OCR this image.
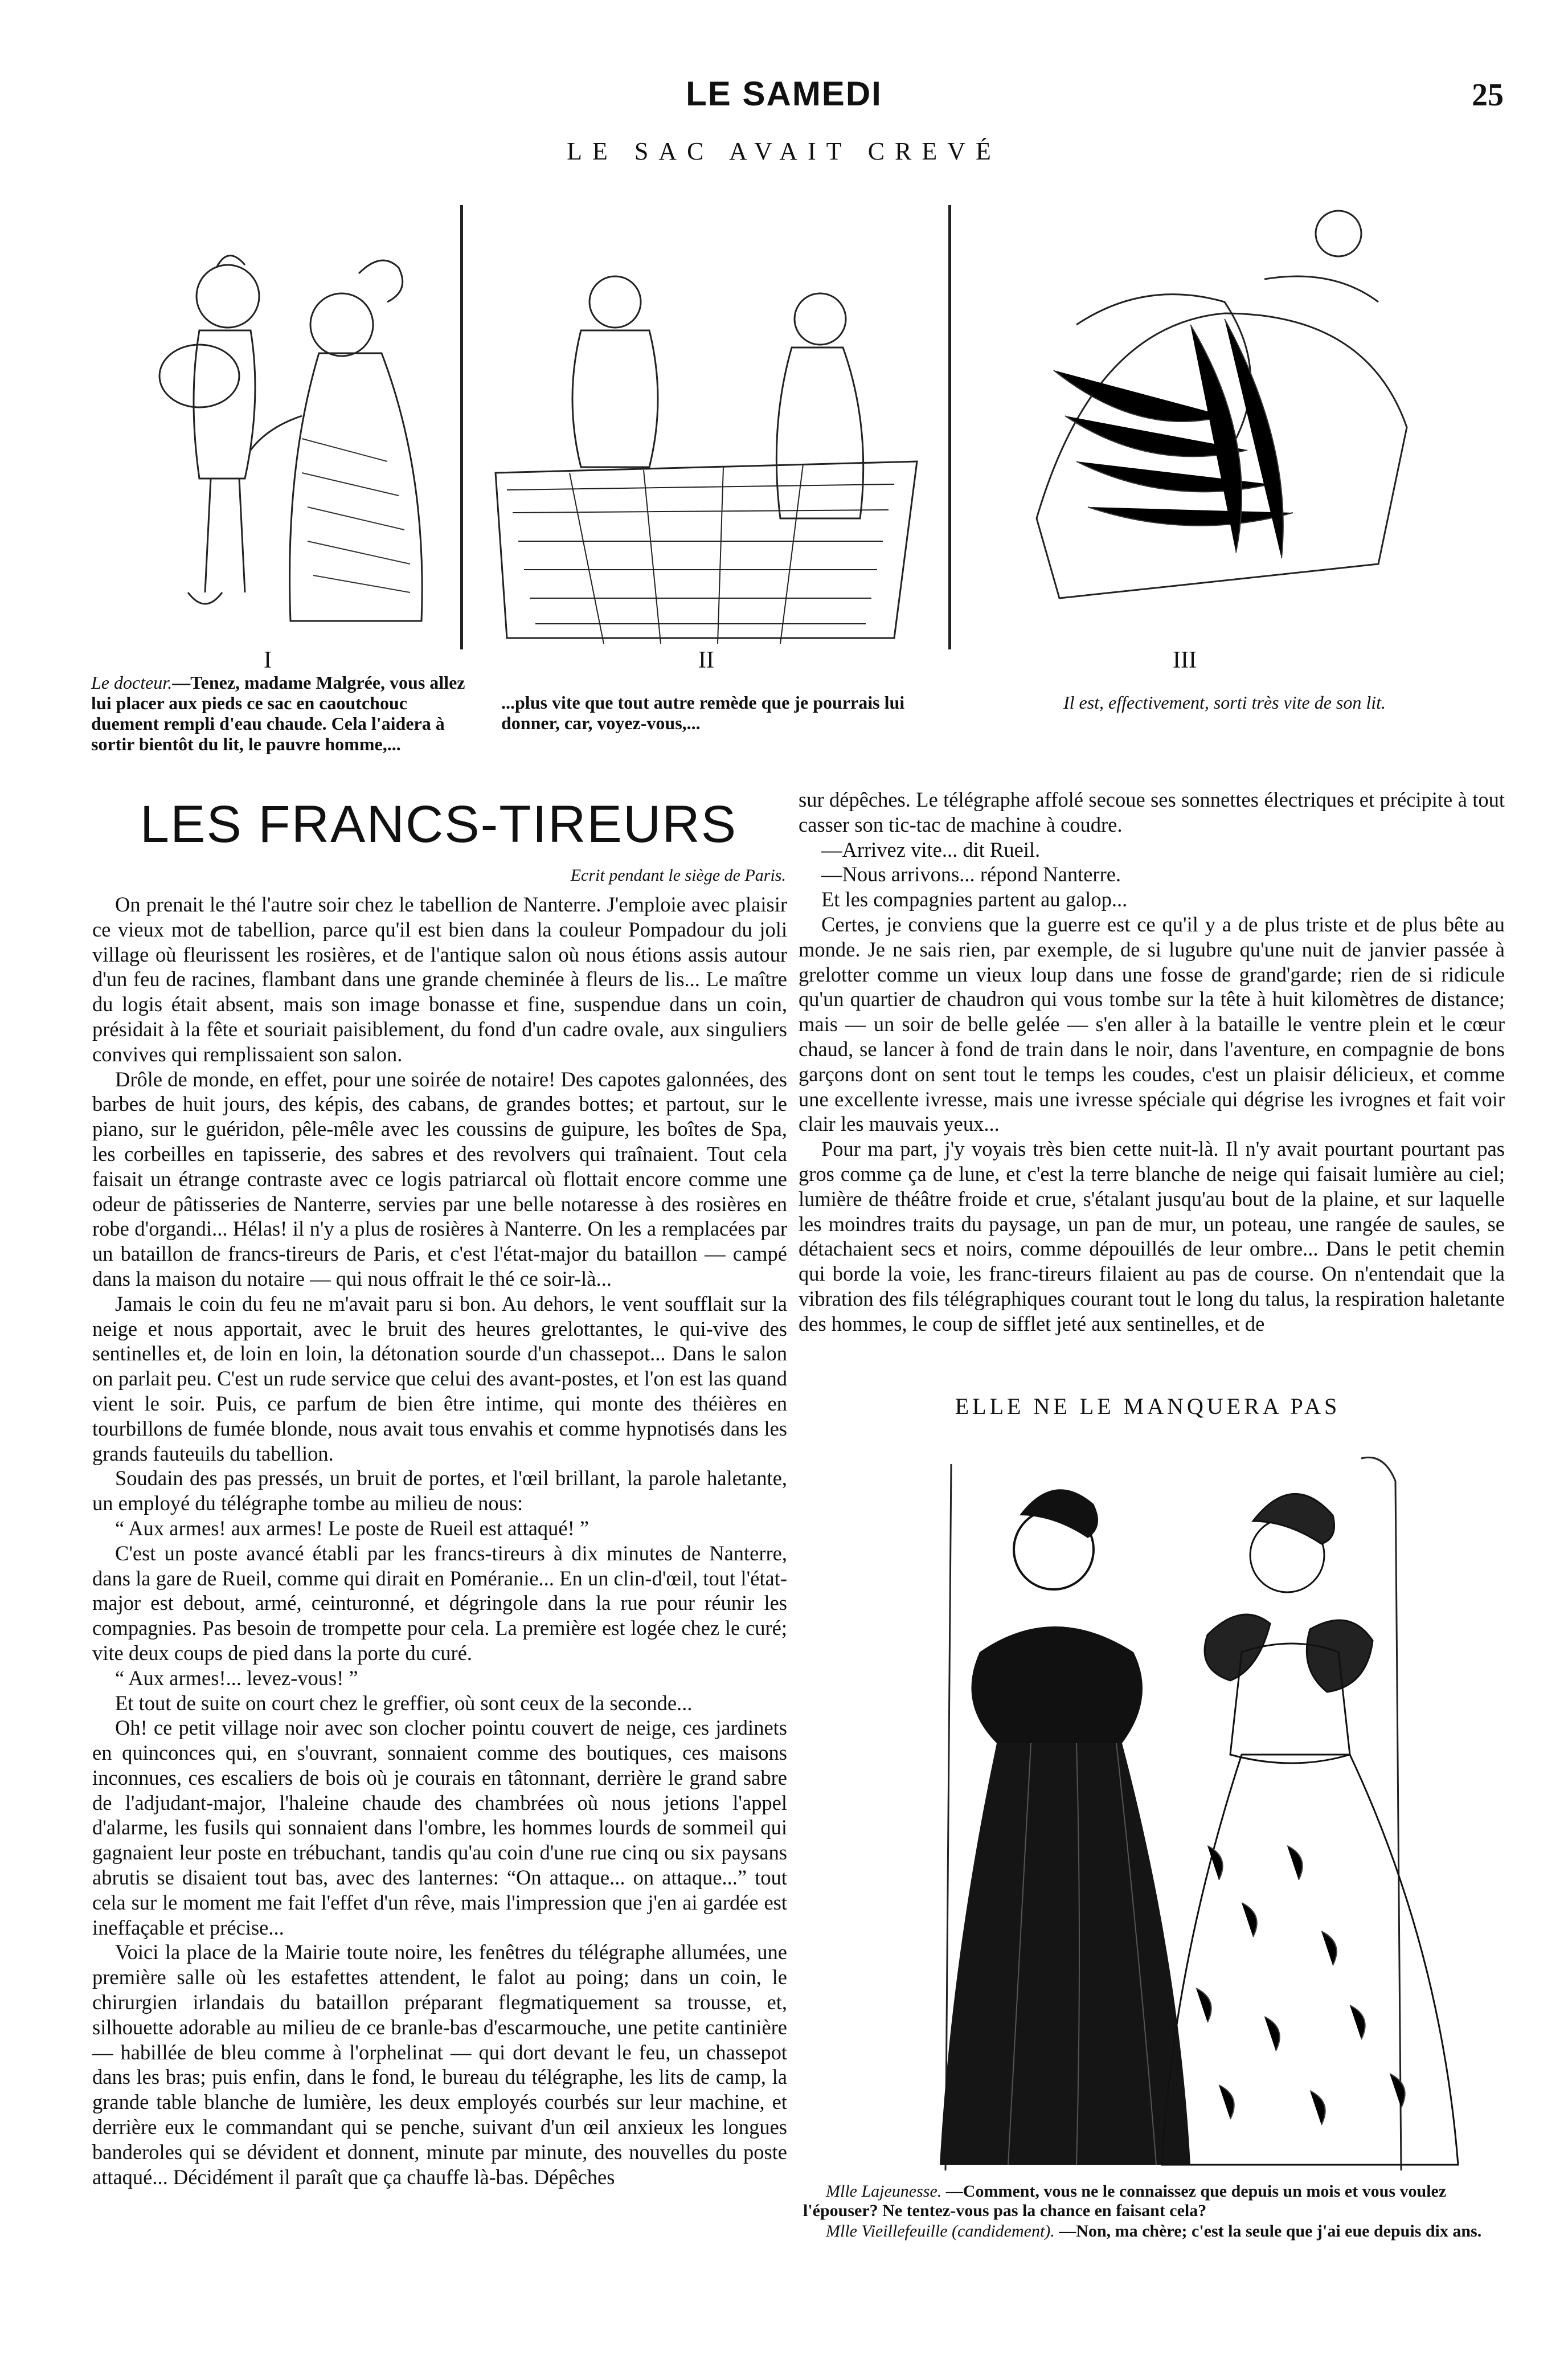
LE SAMEDI	25
LE SAC AVAIT CREVÉ
I	II	III
Le docteur.—Tenez, madame Malgrée, vous allez lui placer aux pieds ce sac en caoutchouc duement rempli d'eau chaude. Cela l'aidera à sortir bientôt du lit, le pauvre homme,...
...plus vite que tout autre remède que je pourrais lui donner, car, voyez-vous,...
Il est, effectivement, sorti très vite de son lit.
LES FRANCS-TIREURS
Ecrit pendant le siège de Paris.

On prenait le thé l'autre soir chez le tabellion de Nanterre. J'emploie avec plaisir ce vieux mot de tabellion, parce qu'il est bien dans la couleur Pompadour du joli village où fleurissent les rosières, et de l'antique salon où nous étions assis autour d'un feu de racines, flambant dans une grande cheminée à fleurs de lis... Le maître du logis était absent, mais son image bonasse et fine, suspendue dans un coin, présidait à la fête et souriait paisiblement, du fond d'un cadre ovale, aux singuliers convives qui remplissaient son salon.

Drôle de monde, en effet, pour une soirée de notaire! Des capotes galonnées, des barbes de huit jours, des képis, des cabans, de grandes bottes; et partout, sur le piano, sur le guéridon, pêle-mêle avec les coussins de guipure, les boîtes de Spa, les corbeilles en tapisserie, des sabres et des revolvers qui traînaient. Tout cela faisait un étrange contraste avec ce logis patriarcal où flottait encore comme une odeur de pâtisseries de Nanterre, servies par une belle notaresse à des rosières en robe d'organdi... Hélas! il n'y a plus de rosières à Nanterre. On les a remplacées par un bataillon de francs-tireurs de Paris, et c'est l'état-major du bataillon — campé dans la maison du notaire — qui nous offrait le thé ce soir-là...

Jamais le coin du feu ne m'avait paru si bon. Au dehors, le vent soufflait sur la neige et nous apportait, avec le bruit des heures grelottantes, le qui-vive des sentinelles et, de loin en loin, la détonation sourde d'un chassepot... Dans le salon on parlait peu. C'est un rude service que celui des avant-postes, et l'on est las quand vient le soir. Puis, ce parfum de bien être intime, qui monte des théières en tourbillons de fumée blonde, nous avait tous envahis et comme hypnotisés dans les grands fauteuils du tabellion.

Soudain des pas pressés, un bruit de portes, et l'œil brillant, la parole haletante, un employé du télégraphe tombe au milieu de nous:

“ Aux armes! aux armes! Le poste de Rueil est attaqué! ”

C'est un poste avancé établi par les francs-tireurs à dix minutes de Nanterre, dans la gare de Rueil, comme qui dirait en Poméranie... En un clin-d'œil, tout l'état-major est debout, armé, ceinturonné, et dégringole dans la rue pour réunir les compagnies. Pas besoin de trompette pour cela. La première est logée chez le curé; vite deux coups de pied dans la porte du curé.

“ Aux armes!... levez-vous! ”

Et tout de suite on court chez le greffier, où sont ceux de la seconde...

Oh! ce petit village noir avec son clocher pointu couvert de neige, ces jardinets en quinconces qui, en s'ouvrant, sonnaient comme des boutiques, ces maisons inconnues, ces escaliers de bois où je courais en tâtonnant, derrière le grand sabre de l'adjudant-major, l'haleine chaude des chambrées où nous jetions l'appel d'alarme, les fusils qui sonnaient dans l'ombre, les hommes lourds de sommeil qui gagnaient leur poste en trébuchant, tandis qu'au coin d'une rue cinq ou six paysans abrutis se disaient tout bas, avec des lanternes: “On attaque... on attaque...” tout cela sur le moment me fait l'effet d'un rêve, mais l'impression que j'en ai gardée est ineffaçable et précise...

Voici la place de la Mairie toute noire, les fenêtres du télégraphe allumées, une première salle où les estafettes attendent, le falot au poing; dans un coin, le chirurgien irlandais du bataillon préparant flegmatiquement sa trousse, et, silhouette adorable au milieu de ce branle-bas d'escarmouche, une petite cantinière — habillée de bleu comme à l'orphelinat — qui dort devant le feu, un chassepot dans les bras; puis enfin, dans le fond, le bureau du télégraphe, les lits de camp, la grande table blanche de lumière, les deux employés courbés sur leur machine, et derrière eux le commandant qui se penche, suivant d'un œil anxieux les longues banderoles qui se dévident et donnent, minute par minute, des nouvelles du poste attaqué... Décidément il paraît que ça chauffe là-bas. Dépêches

sur dépêches. Le télégraphe affolé secoue ses sonnettes électriques et précipite à tout casser son tic-tac de machine à coudre.

—Arrivez vite... dit Rueil.

—Nous arrivons... répond Nanterre.

Et les compagnies partent au galop...

Certes, je conviens que la guerre est ce qu'il y a de plus triste et de plus bête au monde. Je ne sais rien, par exemple, de si lugubre qu'une nuit de janvier passée à grelotter comme un vieux loup dans une fosse de grand'garde; rien de si ridicule qu'un quartier de chaudron qui vous tombe sur la tête à huit kilomètres de distance; mais — un soir de belle gelée — s'en aller à la bataille le ventre plein et le cœur chaud, se lancer à fond de train dans le noir, dans l'aventure, en compagnie de bons garçons dont on sent tout le temps les coudes, c'est un plaisir délicieux, et comme une excellente ivresse, mais une ivresse spéciale qui dégrise les ivrognes et fait voir clair les mauvais yeux...

Pour ma part, j'y voyais très bien cette nuit-là. Il n'y avait pourtant pourtant pas gros comme ça de lune, et c'est la terre blanche de neige qui faisait lumière au ciel; lumière de théâtre froide et crue, s'étalant jusqu'au bout de la plaine, et sur laquelle les moindres traits du paysage, un pan de mur, un poteau, une rangée de saules, se détachaient secs et noirs, comme dépouillés de leur ombre... Dans le petit chemin qui borde la voie, les franc-tireurs filaient au pas de course. On n'entendait que la vibration des fils télégraphiques courant tout le long du talus, la respiration haletante des hommes, le coup de sifflet jeté aux sentinelles, et de

ELLE NE LE MANQUERA PAS
Mlle Lajeunesse. —Comment, vous ne le connaissez que depuis un mois et vous voulez l'épouser? Ne tentez-vous pas la chance en faisant cela?
Mlle Vieillefeuille (candidement). —Non, ma chère; c'est la seule que j'ai eue depuis dix ans.
